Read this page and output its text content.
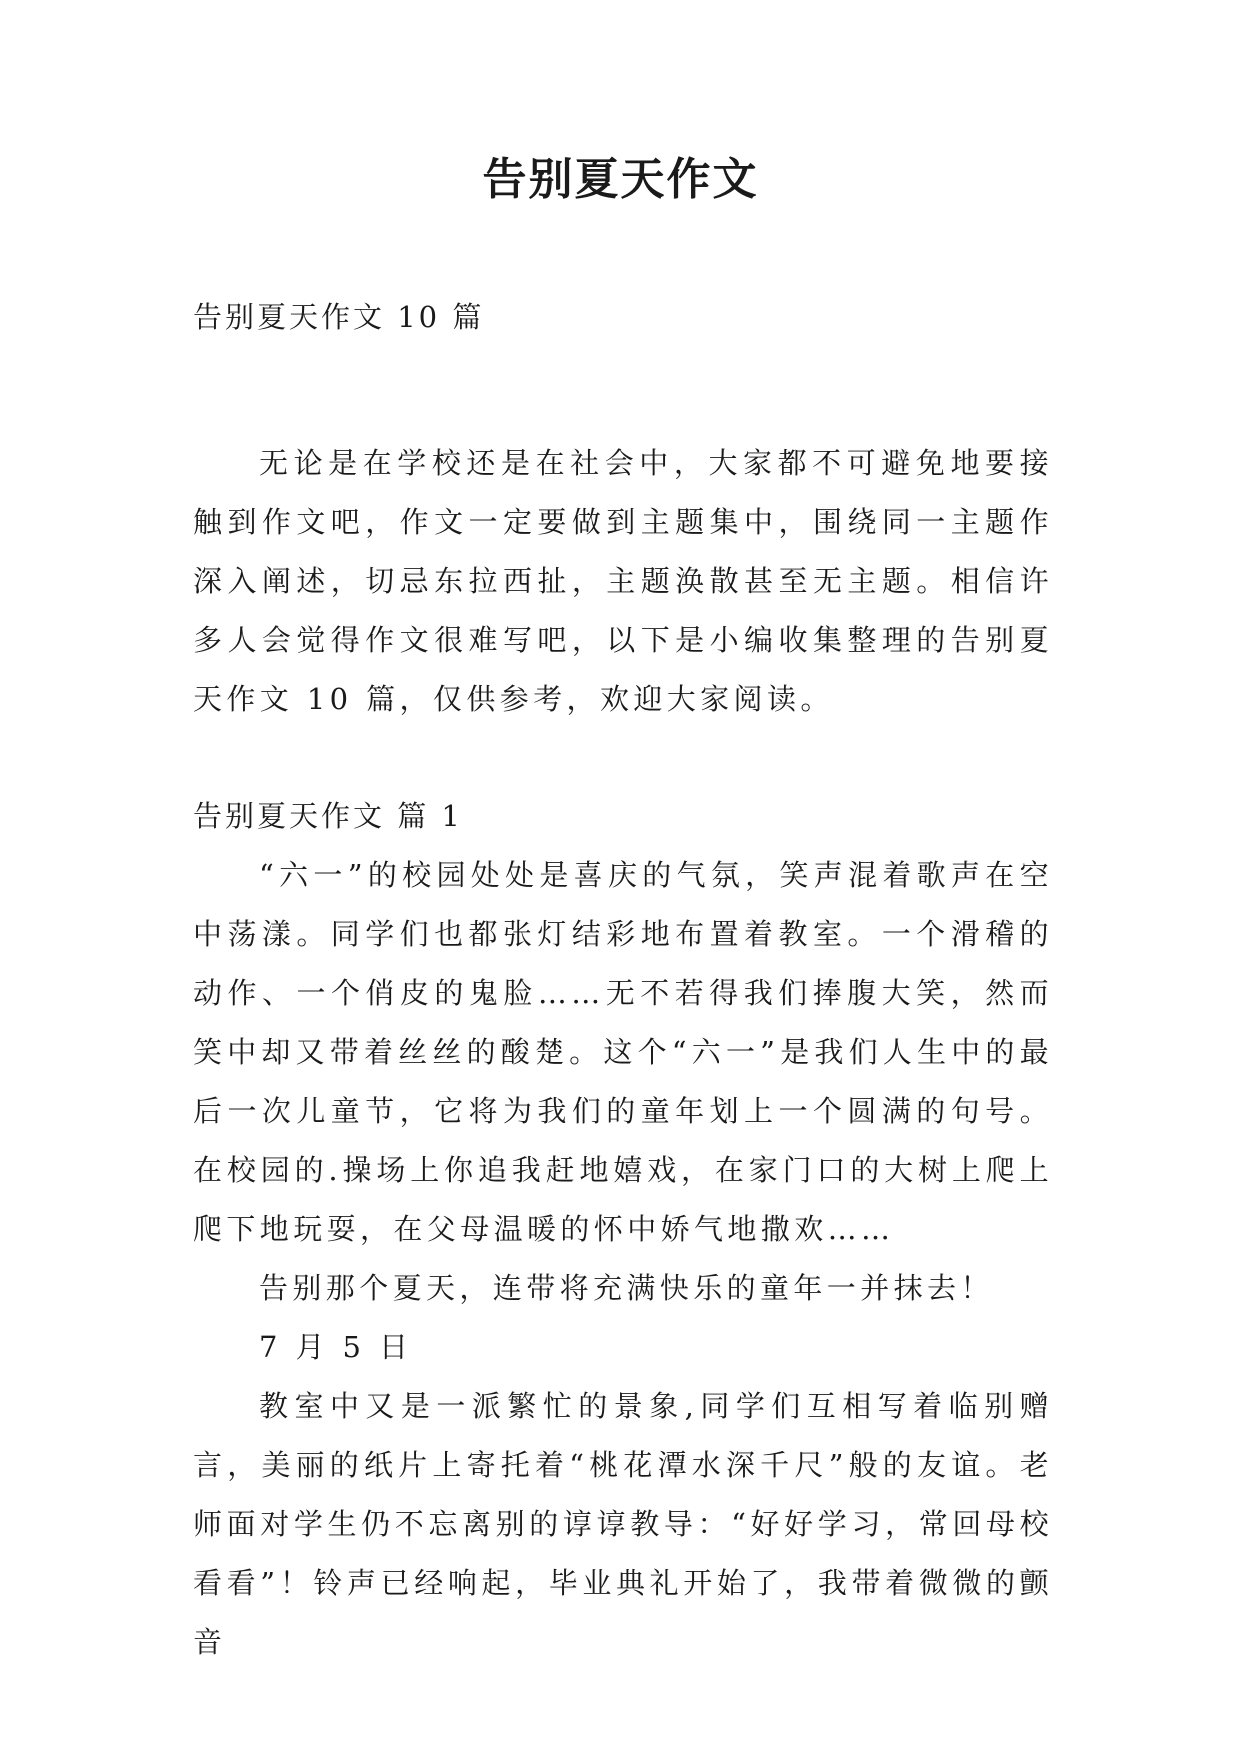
告别夏天作文

告别夏天作文 10 篇

无论是在学校还是在社会中，大家都不可避免地要接触到作文吧，作文一定要做到主题集中，围绕同一主题作深入阐述，切忌东拉西扯，主题涣散甚至无主题。相信许多人会觉得作文很难写吧，以下是小编收集整理的告别夏天作文 10 篇，仅供参考，欢迎大家阅读。

告别夏天作文 篇 1

“六一”的校园处处是喜庆的气氛，笑声混着歌声在空中荡漾。同学们也都张灯结彩地布置着教室。一个滑稽的动作、一个俏皮的鬼脸……无不若得我们捧腹大笑，然而笑中却又带着丝丝的酸楚。这个“六一”是我们人生中的最后一次儿童节，它将为我们的童年划上一个圆满的句号。在校园的.操场上你追我赶地嬉戏，在家门口的大树上爬上爬下地玩耍，在父母温暖的怀中娇气地撒欢……

告别那个夏天，连带将充满快乐的童年一并抹去！

7 月 5 日

教室中又是一派繁忙的景象,同学们互相写着临别赠言，美丽的纸片上寄托着“桃花潭水深千尺”般的友谊。老师面对学生仍不忘离别的谆谆教导：“好好学习，常回母校看看”！铃声已经响起，毕业典礼开始了，我带着微微的颤音
